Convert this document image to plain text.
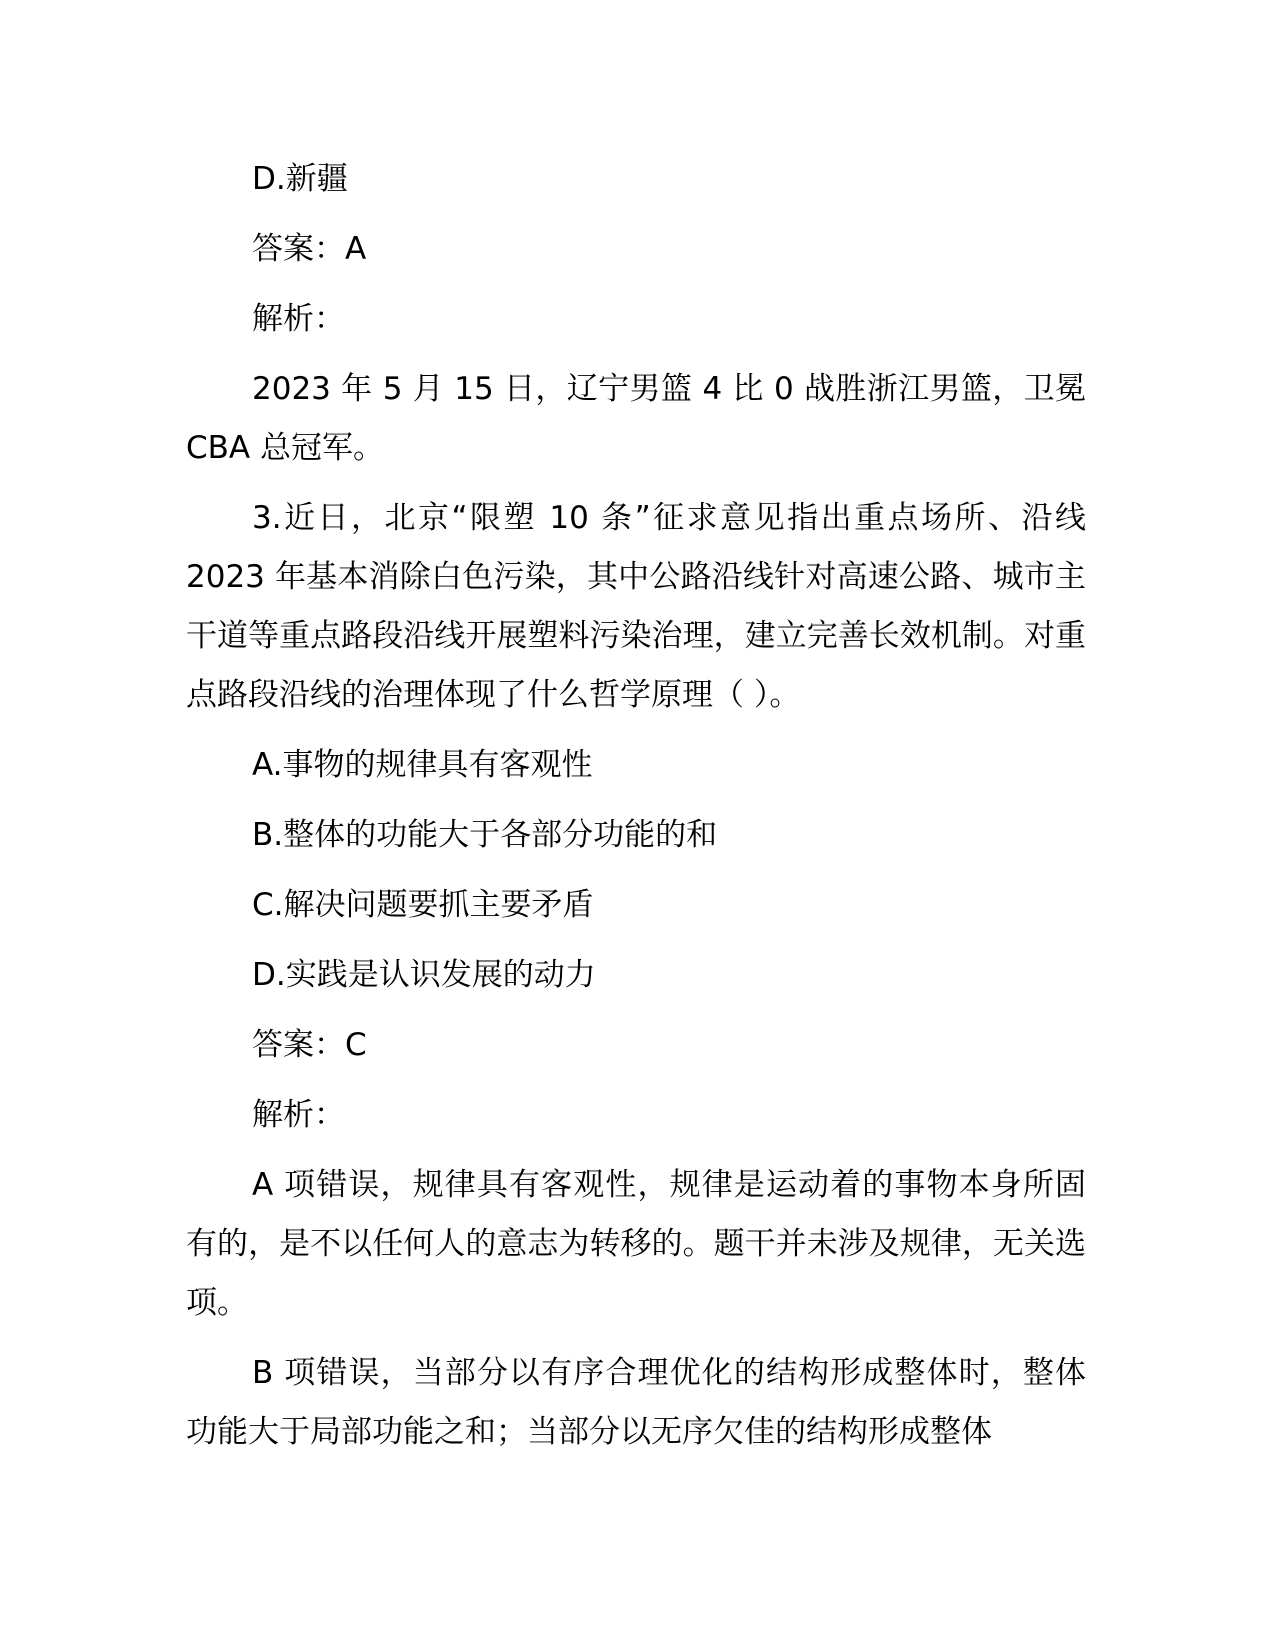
D.新疆

答案：A

解析：

2023 年 5 月 15 日，辽宁男篮 4 比 0 战胜浙江男篮，卫冕 CBA 总冠军。

3.近日，北京“限塑 10 条”征求意见指出重点场所、沿线 2023 年基本消除白色污染，其中公路沿线针对高速公路、城市主干道等重点路段沿线开展塑料污染治理，建立完善长效机制。对重点路段沿线的治理体现了什么哲学原理（ ）。

A.事物的规律具有客观性

B.整体的功能大于各部分功能的和

C.解决问题要抓主要矛盾

D.实践是认识发展的动力

答案：C

解析：

A 项错误，规律具有客观性，规律是运动着的事物本身所固有的，是不以任何人的意志为转移的。题干并未涉及规律，无关选项。

B 项错误，当部分以有序合理优化的结构形成整体时，整体功能大于局部功能之和；当部分以无序欠佳的结构形成整体
